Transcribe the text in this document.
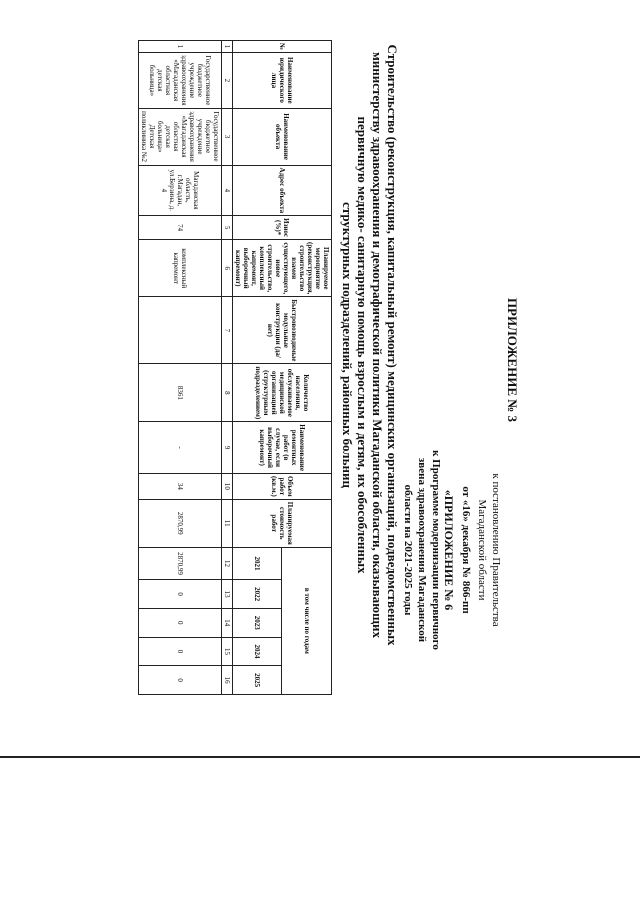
ПРИЛОЖЕНИЕ № 3
к постановлению Правительства
Магаданской области
от «16» декабря № 866-пп
«ПРИЛОЖЕНИЕ № 6
к Программе модернизации первичного
звена здравоохранения Магаданской
области на 2021-2025 годы
Строительство (реконструкция, капитальный ремонт) медицинских организаций, подведомственных
министерству здравоохранения и демографической политики Магаданской области, оказывающих
первичную медико- санитарную помощь взрослым и детям, их обособленных
структурных подразделений, районных больниц
№	Наименование юридического лица	Наименование объекта	Адрес объекта	Износ (%)*	Планируемое мероприятие (реконструкция, строительство взамен существующего, новое строительство, комплексный капремонт, выборочный капремонт)	Быстровозводимые модульные конструкции (да/нет)	Количество населения, обслуживаемое медицинской организацией (структурным подразделением)	Наименование ремонтных работ (в случае, если выборочный капремонт)	Объем работ (кв.м.)	Планируемая стоимость работ	в том числе по годам				
											2021	2022	2023	2024	2025
1	2	3	4	5	6	7	8	9	10	11	12	13	14	15	16
1	Государственное бюджетное учреждение здравоохранения «Магаданская областная детская больница»	Государственное бюджетное учреждение здравоохранения «Магаданская областная детская больница» Детская поликлиника №2	Магаданская область, г.Магадан, ул.Берзина, д. 4	74	комплексный капремонт		8361	-	34	2870,99	2870,99	0	0	0	0
